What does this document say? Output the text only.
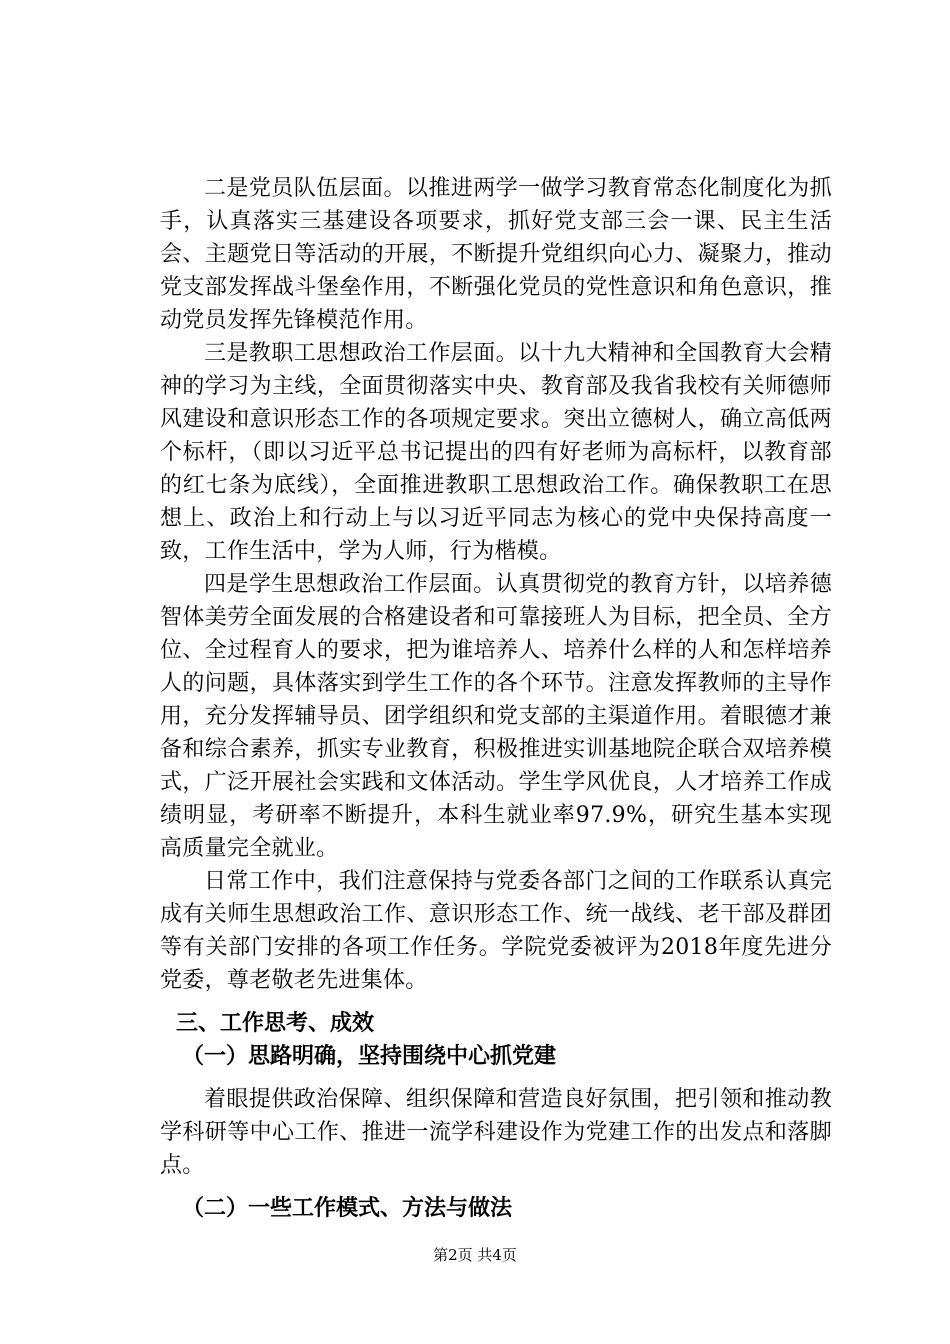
二是党员队伍层面。以推进两学一做学习教育常态化制度化为抓手，认真落实三基建设各项要求，抓好党支部三会一课、民主生活会、主题党日等活动的开展，不断提升党组织向心力、凝聚力，推动党支部发挥战斗堡垒作用，不断强化党员的党性意识和角色意识，推动党员发挥先锋模范作用。

三是教职工思想政治工作层面。以十九大精神和全国教育大会精神的学习为主线，全面贯彻落实中央、教育部及我省我校有关师德师风建设和意识形态工作的各项规定要求。突出立德树人，确立高低两个标杆，（即以习近平总书记提出的四有好老师为高标杆，以教育部的红七条为底线），全面推进教职工思想政治工作。确保教职工在思想上、政治上和行动上与以习近平同志为核心的党中央保持高度一致，工作生活中，学为人师，行为楷模。

四是学生思想政治工作层面。认真贯彻党的教育方针，以培养德智体美劳全面发展的合格建设者和可靠接班人为目标，把全员、全方位、全过程育人的要求，把为谁培养人、培养什么样的人和怎样培养人的问题，具体落实到学生工作的各个环节。注意发挥教师的主导作用，充分发挥辅导员、团学组织和党支部的主渠道作用。着眼德才兼备和综合素养，抓实专业教育，积极推进实训基地院企联合双培养模式，广泛开展社会实践和文体活动。学生学风优良，人才培养工作成绩明显，考研率不断提升，本科生就业率97.9%，研究生基本实现高质量完全就业。

日常工作中，我们注意保持与党委各部门之间的工作联系认真完成有关师生思想政治工作、意识形态工作、统一战线、老干部及群团等有关部门安排的各项工作任务。学院党委被评为2018年度先进分党委，尊老敬老先进集体。

三、工作思考、成效

（一）思路明确，坚持围绕中心抓党建

着眼提供政治保障、组织保障和营造良好氛围，把引领和推动教学科研等中心工作、推进一流学科建设作为党建工作的出发点和落脚点。

（二）一些工作模式、方法与做法

第2页 共4页
